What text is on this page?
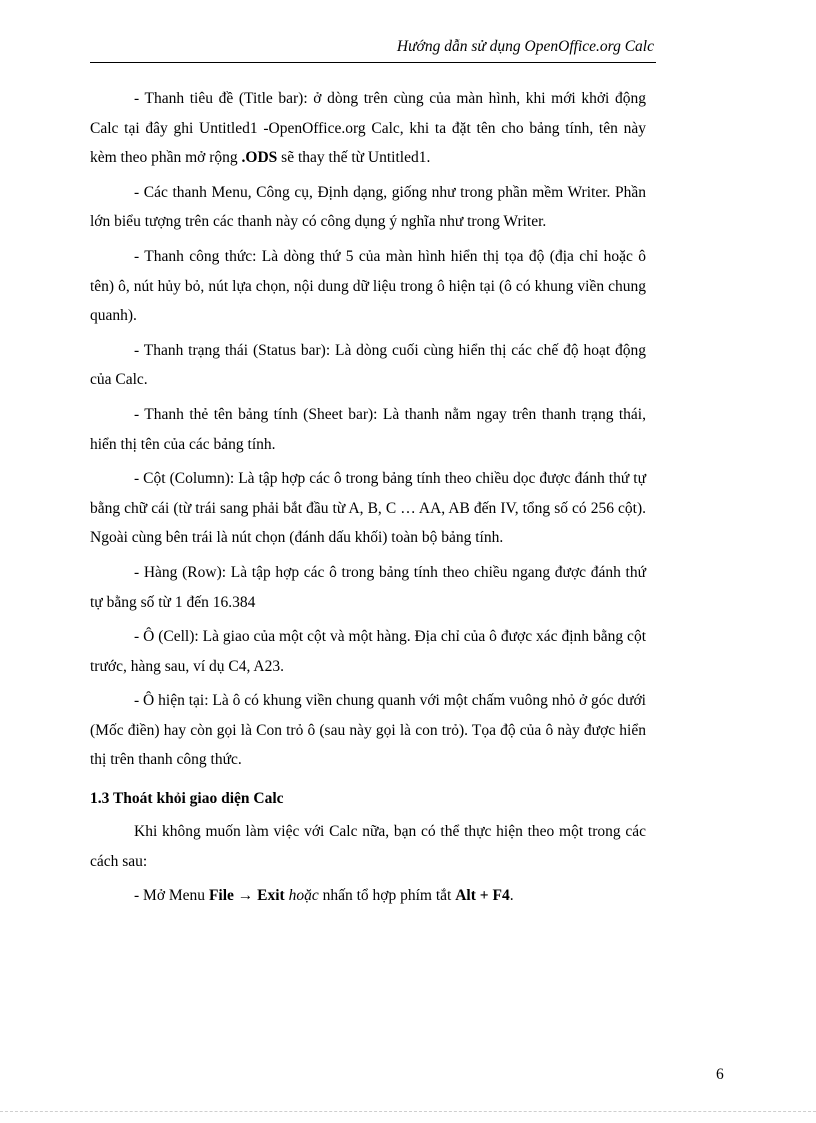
Hướng dẫn sử dụng OpenOffice.org Calc

- Thanh tiêu đề (Title bar): ở dòng trên cùng của màn hình, khi mới khởi động Calc tại đây ghi Untitled1 -OpenOffice.org Calc, khi ta đặt tên cho bảng tính, tên này kèm theo phần mở rộng .ODS sẽ thay thế từ Untitled1.

- Các thanh Menu, Công cụ, Định dạng, giống như trong phần mềm Writer. Phần lớn biểu tượng trên các thanh này có công dụng ý nghĩa như trong Writer.

- Thanh công thức: Là dòng thứ 5 của màn hình hiển thị tọa độ (địa chỉ hoặc ô tên) ô, nút hủy bỏ, nút lựa chọn, nội dung dữ liệu trong ô hiện tại (ô có khung viền chung quanh).

- Thanh trạng thái (Status bar): Là dòng cuối cùng hiển thị các chế độ hoạt động của Calc.

- Thanh thẻ tên bảng tính (Sheet bar): Là thanh nằm ngay trên thanh trạng thái, hiển thị tên của các bảng tính.

- Cột (Column): Là tập hợp các ô trong bảng tính theo chiều dọc được đánh thứ tự bằng chữ cái (từ trái sang phải bắt đầu từ A, B, C … AA, AB đến IV, tổng số có 256 cột). Ngoài cùng bên trái là nút chọn (đánh dấu khối) toàn bộ bảng tính.

- Hàng (Row): Là tập hợp các ô trong bảng tính theo chiều ngang được đánh thứ tự bằng số từ 1 đến 16.384

- Ô (Cell): Là giao của một cột và một hàng. Địa chỉ của ô được xác định bằng cột trước, hàng sau, ví dụ C4, A23.

- Ô hiện tại: Là ô có khung viền chung quanh với một chấm vuông nhỏ ở góc dưới (Mốc điền) hay còn gọi là Con trỏ ô (sau này gọi là con trỏ). Tọa độ của ô này được hiển thị trên thanh công thức.

1.3 Thoát khỏi giao diện Calc

Khi không muốn làm việc với Calc nữa, bạn có thể thực hiện theo một trong các cách sau:

- Mở Menu File → Exit hoặc nhấn tổ hợp phím tắt Alt + F4.

6
